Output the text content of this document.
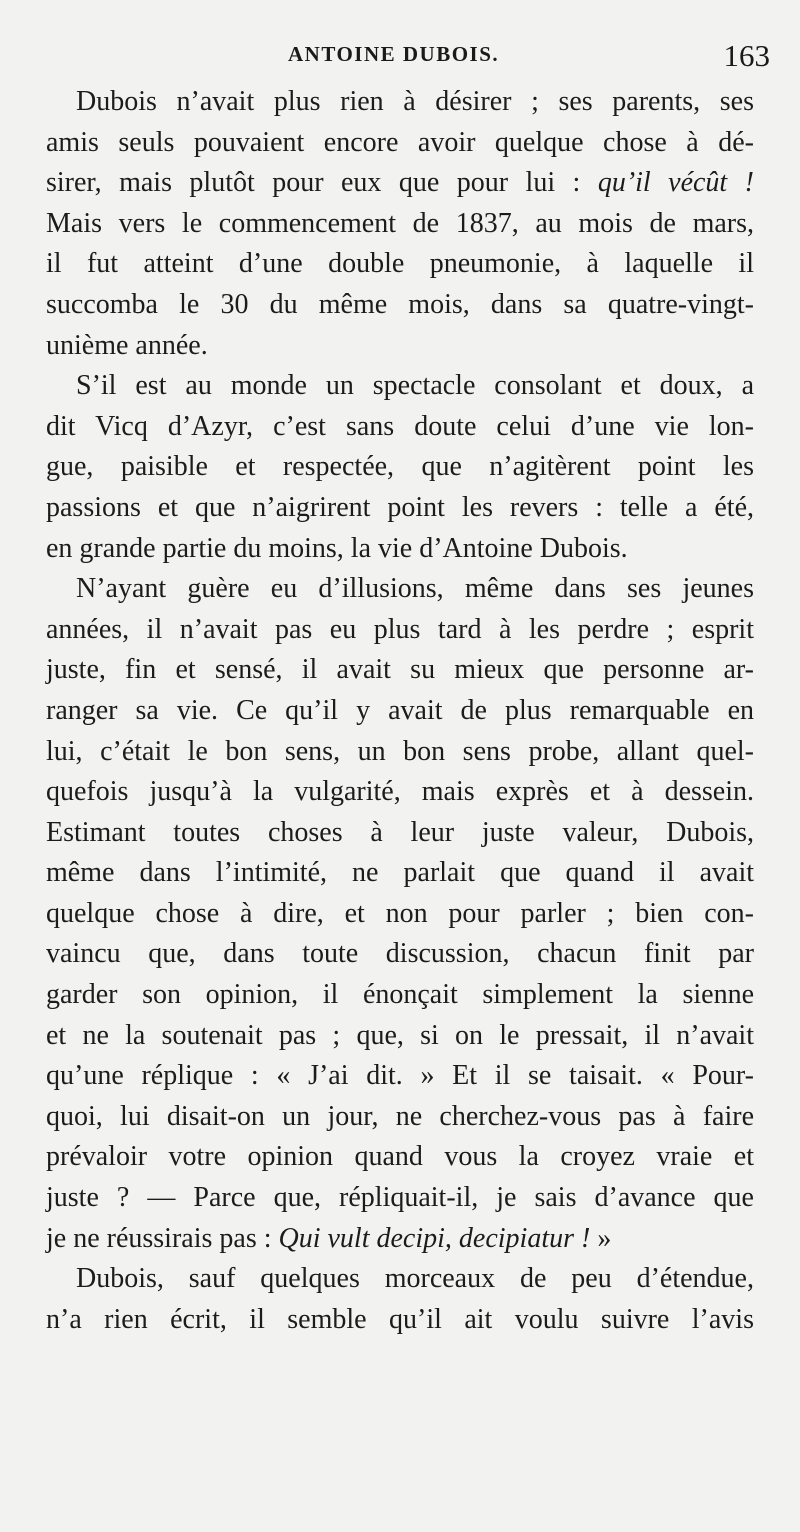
ANTOINE DUBOIS.	163
Dubois n’avait plus rien à désirer ; ses parents, ses
amis seuls pouvaient encore avoir quelque chose à dé-
sirer, mais plutôt pour eux que pour lui : qu’il vécût !
Mais vers le commencement de 1837, au mois de mars,
il fut atteint d’une double pneumonie, à laquelle il
succomba le 30 du même mois, dans sa quatre-vingt-
unième année.
S’il est au monde un spectacle consolant et doux, a
dit Vicq d’Azyr, c’est sans doute celui d’une vie lon-
gue, paisible et respectée, que n’agitèrent point les
passions et que n’aigrirent point les revers : telle a été,
en grande partie du moins, la vie d’Antoine Dubois.
N’ayant guère eu d’illusions, même dans ses jeunes
années, il n’avait pas eu plus tard à les perdre ; esprit
juste, fin et sensé, il avait su mieux que personne ar-
ranger sa vie. Ce qu’il y avait de plus remarquable en
lui, c’était le bon sens, un bon sens probe, allant quel-
quefois jusqu’à la vulgarité, mais exprès et à dessein.
Estimant toutes choses à leur juste valeur, Dubois,
même dans l’intimité, ne parlait que quand il avait
quelque chose à dire, et non pour parler ; bien con-
vaincu que, dans toute discussion, chacun finit par
garder son opinion, il énonçait simplement la sienne
et ne la soutenait pas ; que, si on le pressait, il n’avait
qu’une réplique : « J’ai dit. » Et il se taisait. « Pour-
quoi, lui disait-on un jour, ne cherchez-vous pas à faire
prévaloir votre opinion quand vous la croyez vraie et
juste ? — Parce que, répliquait-il, je sais d’avance que
je ne réussirais pas : Qui vult decipi, decipiatur ! »
Dubois, sauf quelques morceaux de peu d’étendue,
n’a rien écrit, il semble qu’il ait voulu suivre l’avis
